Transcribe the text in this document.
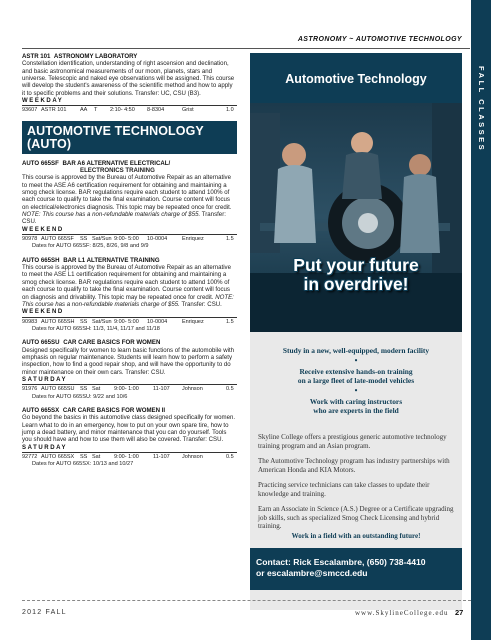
ASTRONOMY ~ AUTOMOTIVE TECHNOLOGY
FALL CLASSES
ASTR 101 ASTRONOMY LABORATORY

Constellation identification, understanding of right ascension and declination, and basic astronomical measurements of our moon, planets, stars and universe. Telescopic and naked eye observations will be assigned. This course will develop the student's awareness of the scientific method and how to apply it to specific problems and their solutions. Transfer: UC, CSU (B3).

WEEKDAY
93607 ASTR 101 AA T 2:10- 4:50 8-8304	Grist	1.0
AUTOMOTIVE TECHNOLOGY (AUTO)
AUTO 665SF BAR A6 ALTERNATIVE ELECTRICAL/
ELECTRONICS TRAINING

This course is approved by the Bureau of Automotive Repair as an alternative to meet the ASE A6 certification requirement for obtaining and maintaining a smog check license. BAR regulations require each student to attend 100% of each course to qualify to take the final examination. Course content will focus on electrical/electronics diagnosis. This topic may be repeated once for credit. NOTE: This course has a non-refundable materials charge of $55. Transfer: CSU.

WEEKEND
90978 AUTO 665SF SS Sat/Sun 9:00- 5:00 10-0004	Enriquez	1.5
Dates for AUTO 665SF: 8/25, 8/26, 9/8 and 9/9
AUTO 665SH BAR L1 ALTERNATIVE TRAINING

This course is approved by the Bureau of Automotive Repair as an alternative to meet the ASE L1 certification requirement for obtaining and maintaining a smog check license. BAR regulations require each student to attend 100% of each course to qualify to take the final examination. Course content will focus on diagnosis and drivability. This topic may be repeated once for credit. NOTE: This course has a non-refundable materials charge of $55. Transfer: CSU.

WEEKEND
90983 AUTO 665SH SS Sat/Sun 9:00- 5:00 10-0004	Enriquez	1.5
Dates for AUTO 665SH: 11/3, 11/4, 11/17 and 11/18
AUTO 665SU CAR CARE BASICS FOR WOMEN

Designed specifically for women to learn basic functions of the automobile with emphasis on regular maintenance. Students will learn how to perform a safety inspection, how to find a good repair shop, and will have the opportunity to do minor maintenance on their own cars. Transfer: CSU.

SATURDAY
91976 AUTO 665SU SS Sat 9:00- 1:00	11-107 Johnson	0.5
Dates for AUTO 665SU: 9/22 and 10/6
AUTO 665SX CAR CARE BASICS FOR WOMEN II

Go beyond the basics in this automotive class designed specifically for women. Learn what to do in an emergency, how to put on your own spare tire, how to jump a dead battery, and minor maintenance that you can do yourself. Tools you should have and how to use them will also be covered. Transfer: CSU.

SATURDAY
92772 AUTO 665SX SS Sat 9:00- 1:00	11-107 Johnson	0.5
Dates for AUTO 665SX: 10/13 and 10/27
Automotive Technology
Put your future
in overdrive!
Study in a new, well-equipped, modern facility
•
Receive extensive hands-on training
on a large fleet of late-model vehicles
•
Work with caring instructors
who are experts in the field
Skyline College offers a prestigious generic automotive technology training program and an Asian program.
The Automotive Technology program has industry partnerships with American Honda and KIA Motors.
Practicing service technicians can take classes to update their knowledge and training.
Earn an Associate in Science (A.S.) Degree or a Certificate upgrading job skills, such as specialized Smog Check Licensing and hybrid training.
Work in a field with an outstanding future!
Contact: Rick Escalambre, (650) 738-4410
or escalambre@smccd.edu
2012 FALL	www.SkylineCollege.edu 27
